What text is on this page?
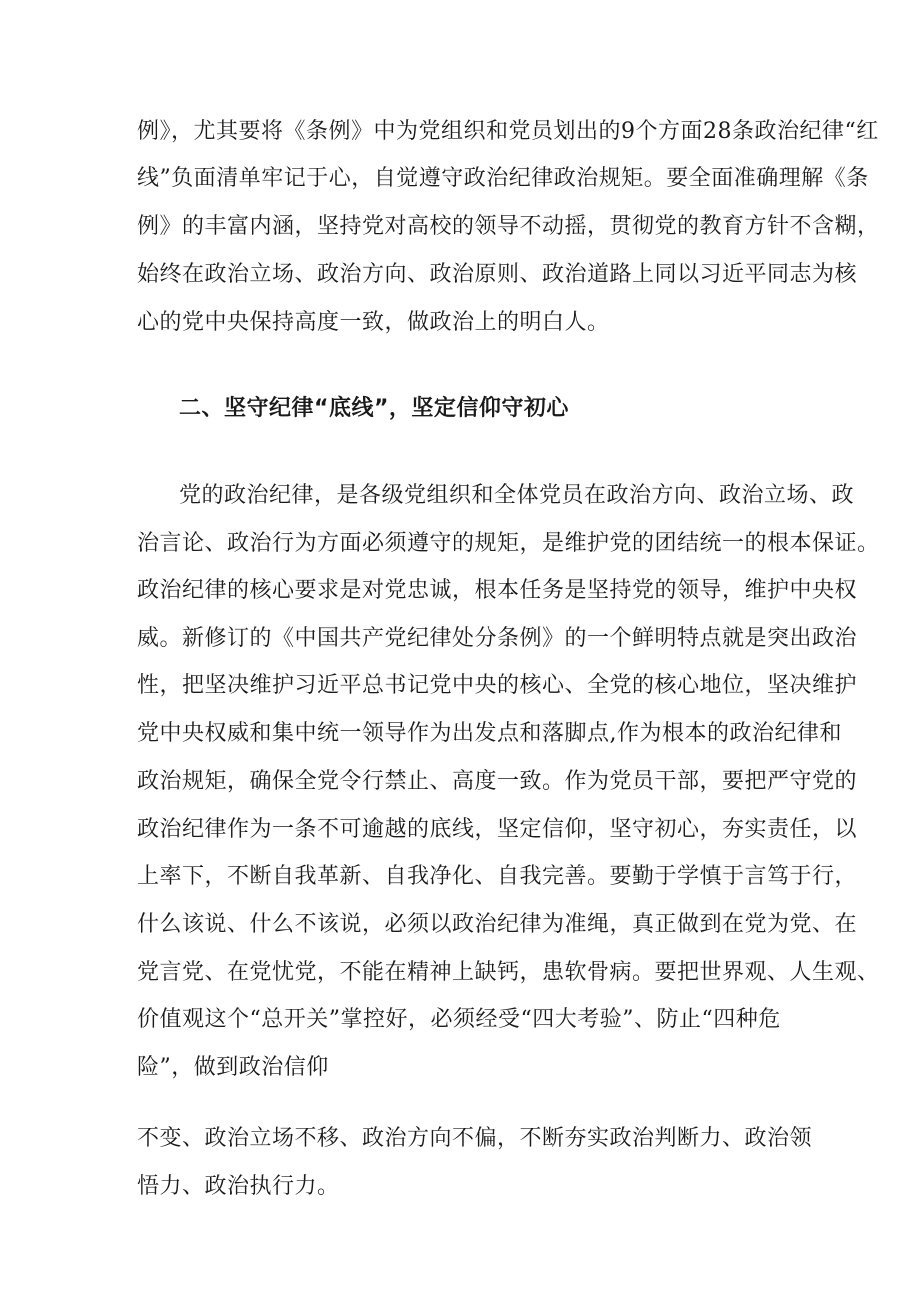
例》，尤其要将《条例》中为党组织和党员划出的9个方面28条政治纪律“红
线”负面清单牢记于心，自觉遵守政治纪律政治规矩。要全面准确理解《条
例》的丰富内涵，坚持党对高校的领导不动摇，贯彻党的教育方针不含糊，
始终在政治立场、政治方向、政治原则、政治道路上同以习近平同志为核
心的党中央保持高度一致，做政治上的明白人。
二、坚守纪律“底线”，坚定信仰守初心
党的政治纪律，是各级党组织和全体党员在政治方向、政治立场、政
治言论、政治行为方面必须遵守的规矩，是维护党的团结统一的根本保证。
政治纪律的核心要求是对党忠诚，根本任务是坚持党的领导，维护中央权
威。新修订的《中国共产党纪律处分条例》的一个鲜明特点就是突出政治
性，把坚决维护习近平总书记党中央的核心、全党的核心地位，坚决维护
党中央权威和集中统一领导作为出发点和落脚点,作为根本的政治纪律和
政治规矩，确保全党令行禁止、高度一致。作为党员干部，要把严守党的
政治纪律作为一条不可逾越的底线，坚定信仰，坚守初心，夯实责任，以
上率下，不断自我革新、自我净化、自我完善。要勤于学慎于言笃于行，
什么该说、什么不该说，必须以政治纪律为准绳，真正做到在党为党、在
党言党、在党忧党，不能在精神上缺钙，患软骨病。要把世界观、人生观、
价值观这个“总开关”掌控好，必须经受“四大考验”、防止“四种危
险”，做到政治信仰
不变、政治立场不移、政治方向不偏，不断夯实政治判断力、政治领
悟力、政治执行力。
